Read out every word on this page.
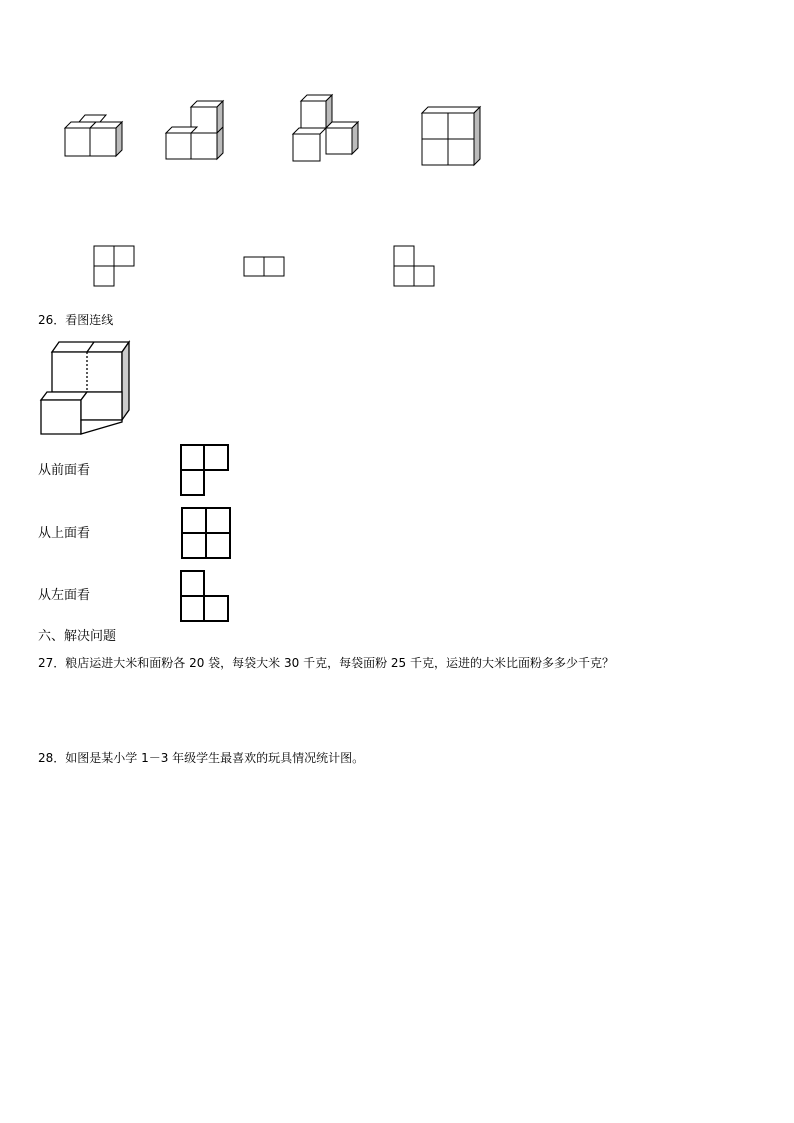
26．看图连线
从前面看
从上面看
从左面看
六、解决问题
27．粮店运进大米和面粉各 20 袋，每袋大米 30 千克，每袋面粉 25 千克，运进的大米比面粉多多少千克？
28．如图是某小学 1－3 年级学生最喜欢的玩具情况统计图。
